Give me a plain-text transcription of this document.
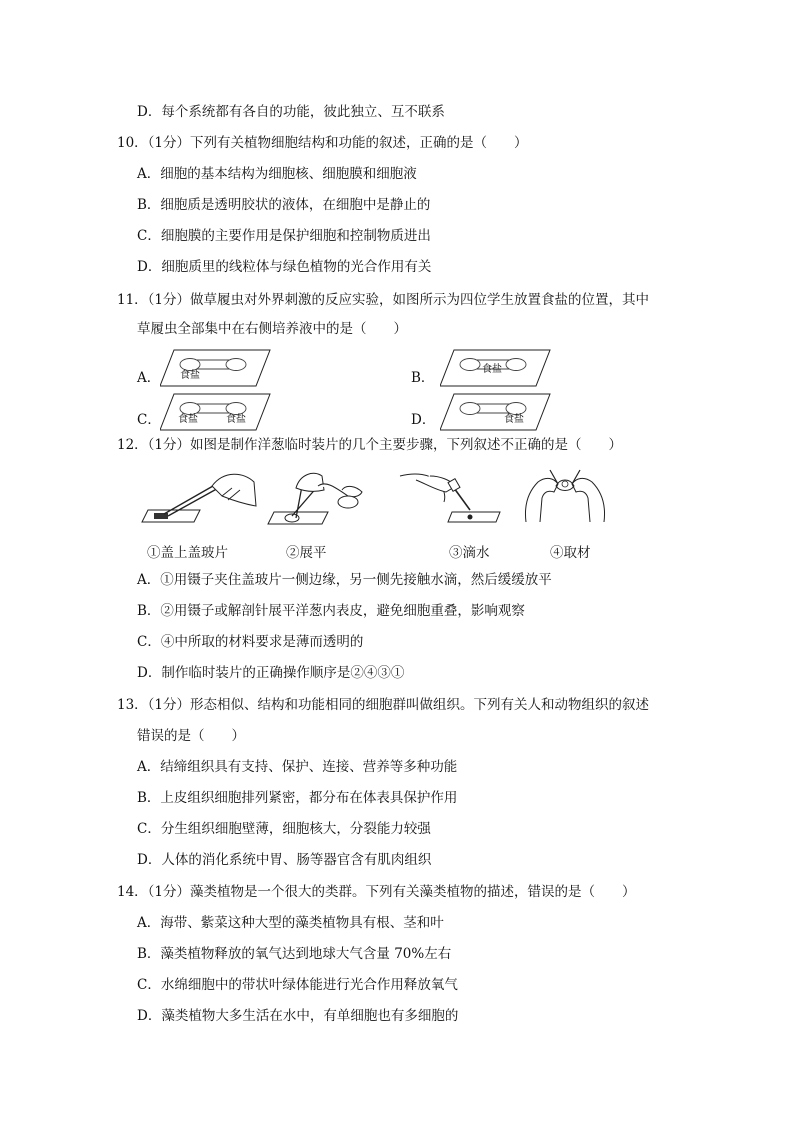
D．每个系统都有各自的功能，彼此独立、互不联系
10．（1分）下列有关植物细胞结构和功能的叙述，正确的是（　　）
A．细胞的基本结构为细胞核、细胞膜和细胞液
B．细胞质是透明胶状的液体，在细胞中是静止的
C．细胞膜的主要作用是保护细胞和控制物质进出
D．细胞质里的线粒体与绿色植物的光合作用有关
11．（1分）做草履虫对外界刺激的反应实验，如图所示为四位学生放置食盐的位置，其中
草履虫全部集中在右侧培养液中的是（　　）
A． 食盐	B．
食盐
C． 食盐	食盐	D．	食盐
12．（1分）如图是制作洋葱临时装片的几个主要步骤，下列叙述不正确的是（　　）
①盖上盖玻片	②展平	③滴水	④取材
A．①用镊子夹住盖玻片一侧边缘，另一侧先接触水滴，然后缓缓放平
B．②用镊子或解剖针展平洋葱内表皮，避免细胞重叠，影响观察
C．④中所取的材料要求是薄而透明的
D．制作临时装片的正确操作顺序是②④③①
13．（1分）形态相似、结构和功能相同的细胞群叫做组织。下列有关人和动物组织的叙述
错误的是（　　）
A．结缔组织具有支持、保护、连接、营养等多种功能
B．上皮组织细胞排列紧密，都分布在体表具保护作用
C．分生组织细胞壁薄，细胞核大，分裂能力较强
D．人体的消化系统中胃、肠等器官含有肌肉组织
14．（1分）藻类植物是一个很大的类群。下列有关藻类植物的描述，错误的是（　　）
A．海带、紫菜这种大型的藻类植物具有根、茎和叶
B．藻类植物释放的氧气达到地球大气含量 70%左右
C．水绵细胞中的带状叶绿体能进行光合作用释放氧气
D．藻类植物大多生活在水中，有单细胞也有多细胞的
